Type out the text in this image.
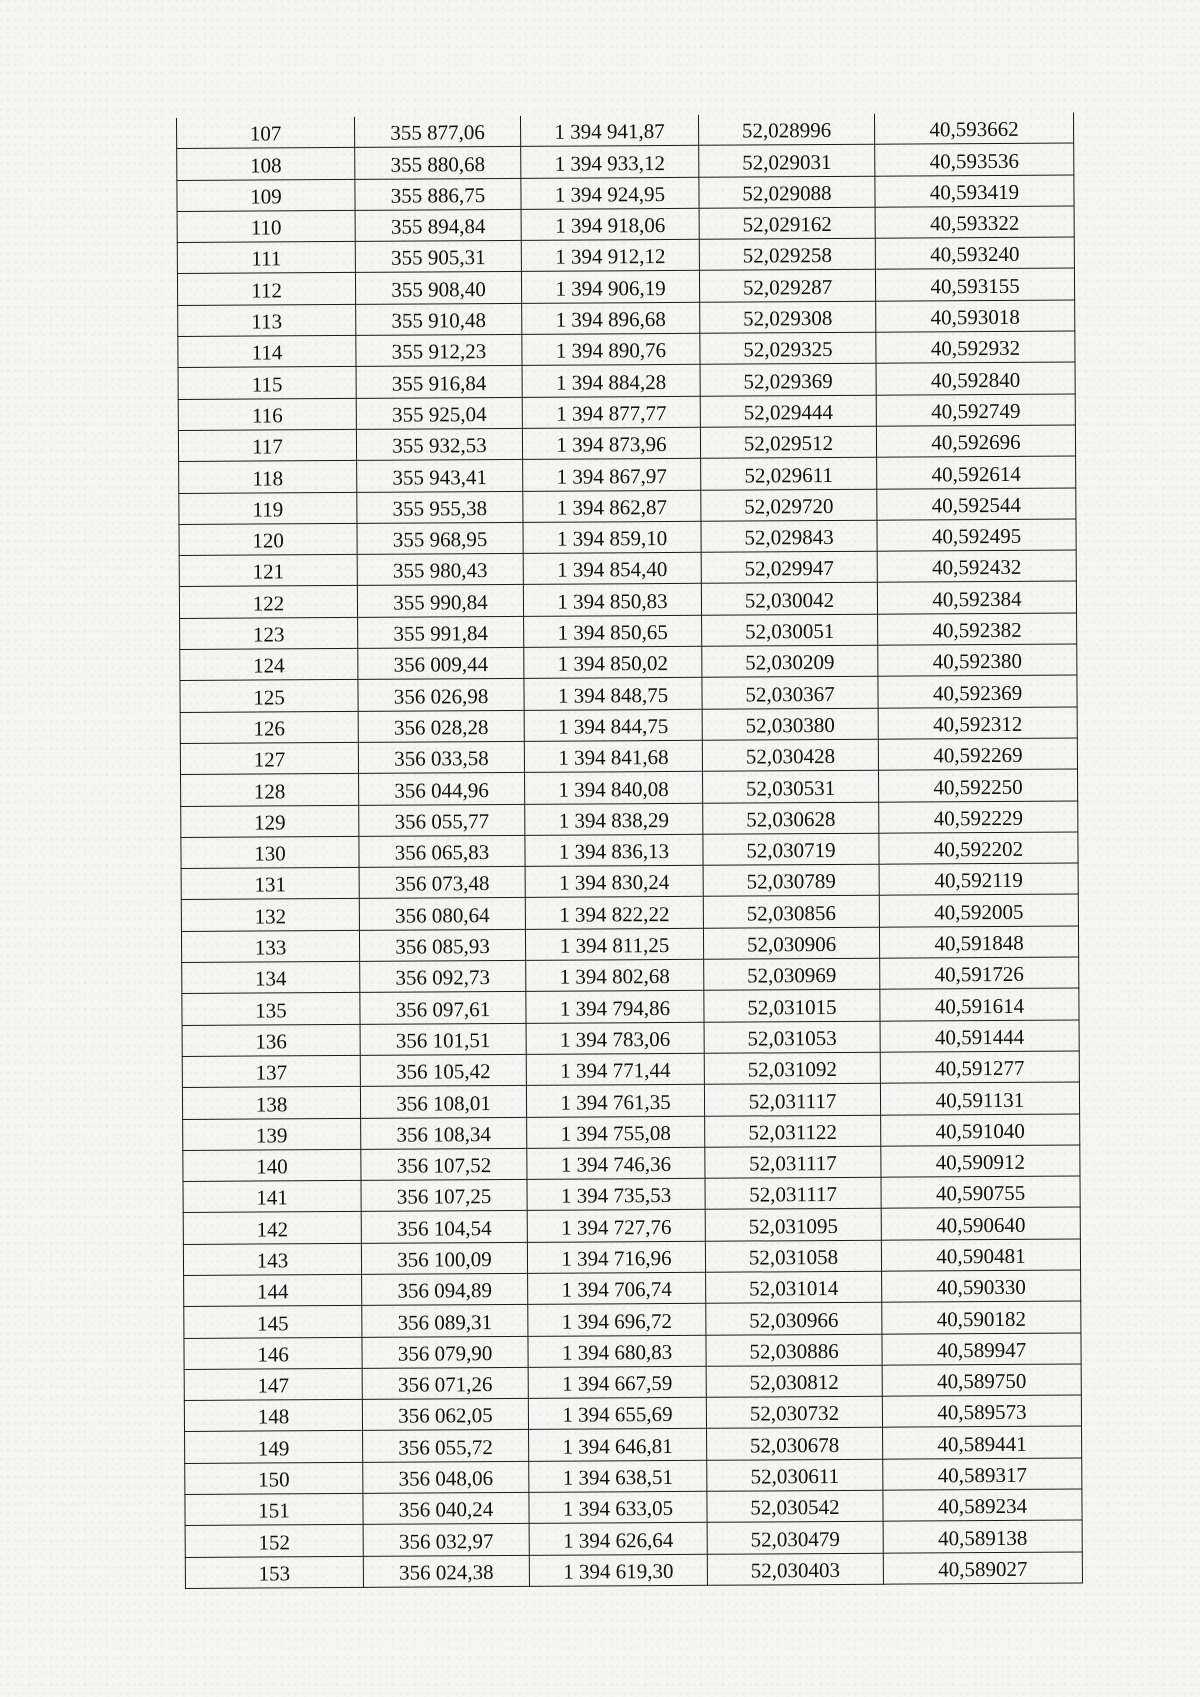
107	355 877,06	1 394 941,87	52,028996	40,593662
108	355 880,68	1 394 933,12	52,029031	40,593536
109	355 886,75	1 394 924,95	52,029088	40,593419
110	355 894,84	1 394 918,06	52,029162	40,593322
111	355 905,31	1 394 912,12	52,029258	40,593240
112	355 908,40	1 394 906,19	52,029287	40,593155
113	355 910,48	1 394 896,68	52,029308	40,593018
114	355 912,23	1 394 890,76	52,029325	40,592932
115	355 916,84	1 394 884,28	52,029369	40,592840
116	355 925,04	1 394 877,77	52,029444	40,592749
117	355 932,53	1 394 873,96	52,029512	40,592696
118	355 943,41	1 394 867,97	52,029611	40,592614
119	355 955,38	1 394 862,87	52,029720	40,592544
120	355 968,95	1 394 859,10	52,029843	40,592495
121	355 980,43	1 394 854,40	52,029947	40,592432
122	355 990,84	1 394 850,83	52,030042	40,592384
123	355 991,84	1 394 850,65	52,030051	40,592382
124	356 009,44	1 394 850,02	52,030209	40,592380
125	356 026,98	1 394 848,75	52,030367	40,592369
126	356 028,28	1 394 844,75	52,030380	40,592312
127	356 033,58	1 394 841,68	52,030428	40,592269
128	356 044,96	1 394 840,08	52,030531	40,592250
129	356 055,77	1 394 838,29	52,030628	40,592229
130	356 065,83	1 394 836,13	52,030719	40,592202
131	356 073,48	1 394 830,24	52,030789	40,592119
132	356 080,64	1 394 822,22	52,030856	40,592005
133	356 085,93	1 394 811,25	52,030906	40,591848
134	356 092,73	1 394 802,68	52,030969	40,591726
135	356 097,61	1 394 794,86	52,031015	40,591614
136	356 101,51	1 394 783,06	52,031053	40,591444
137	356 105,42	1 394 771,44	52,031092	40,591277
138	356 108,01	1 394 761,35	52,031117	40,591131
139	356 108,34	1 394 755,08	52,031122	40,591040
140	356 107,52	1 394 746,36	52,031117	40,590912
141	356 107,25	1 394 735,53	52,031117	40,590755
142	356 104,54	1 394 727,76	52,031095	40,590640
143	356 100,09	1 394 716,96	52,031058	40,590481
144	356 094,89	1 394 706,74	52,031014	40,590330
145	356 089,31	1 394 696,72	52,030966	40,590182
146	356 079,90	1 394 680,83	52,030886	40,589947
147	356 071,26	1 394 667,59	52,030812	40,589750
148	356 062,05	1 394 655,69	52,030732	40,589573
149	356 055,72	1 394 646,81	52,030678	40,589441
150	356 048,06	1 394 638,51	52,030611	40,589317
151	356 040,24	1 394 633,05	52,030542	40,589234
152	356 032,97	1 394 626,64	52,030479	40,589138
153	356 024,38	1 394 619,30	52,030403	40,589027
